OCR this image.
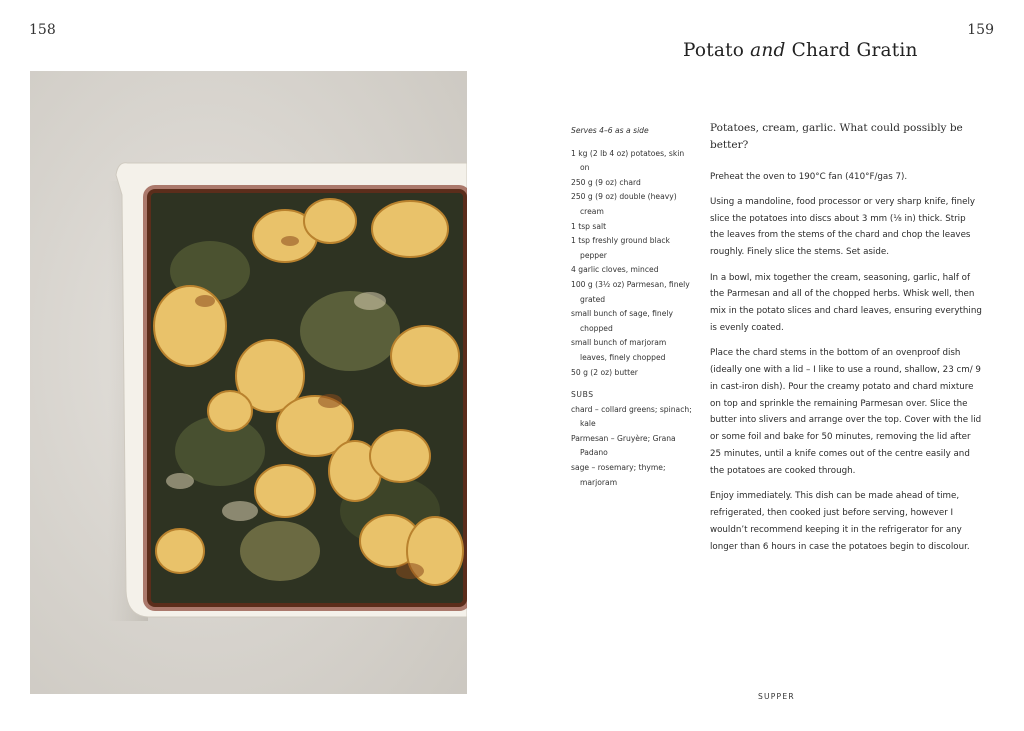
158	159
Potato and Chard Gratin
Serves 4–6 as a side
1 kg (2 lb 4 oz) potatoes, skin on
250 g (9 oz) chard
250 g (9 oz) double (heavy) cream
1 tsp salt
1 tsp freshly ground black pepper
4 garlic cloves, minced
100 g (3½ oz) Parmesan, finely grated
small bunch of sage, finely chopped
small bunch of marjoram leaves, finely chopped
50 g (2 oz) butter
SUBS
chard – collard greens; spinach; kale
Parmesan – Gruyère; Grana Padano
sage – rosemary; thyme; marjoram
Potatoes, cream, garlic. What could possibly be better?

Preheat the oven to 190°C fan (410°F/gas 7).

Using a mandoline, food processor or very sharp knife, finely slice the potatoes into discs about 3 mm (⅛ in) thick. Strip the leaves from the stems of the chard and chop the leaves roughly. Finely slice the stems. Set aside.

In a bowl, mix together the cream, seasoning, garlic, half of the Parmesan and all of the chopped herbs. Whisk well, then mix in the potato slices and chard leaves, ensuring everything is evenly coated.

Place the chard stems in the bottom of an ovenproof dish (ideally one with a lid – I like to use a round, shallow, 23 cm/ 9 in cast-iron dish). Pour the creamy potato and chard mixture on top and sprinkle the remaining Parmesan over. Slice the butter into slivers and arrange over the top. Cover with the lid or some foil and bake for 50 minutes, removing the lid after 25 minutes, until a knife comes out of the centre easily and the potatoes are cooked through.

Enjoy immediately. This dish can be made ahead of time, refrigerated, then cooked just before serving, however I wouldn’t recommend keeping it in the refrigerator for any longer than 6 hours in case the potatoes begin to discolour.

SUPPER
